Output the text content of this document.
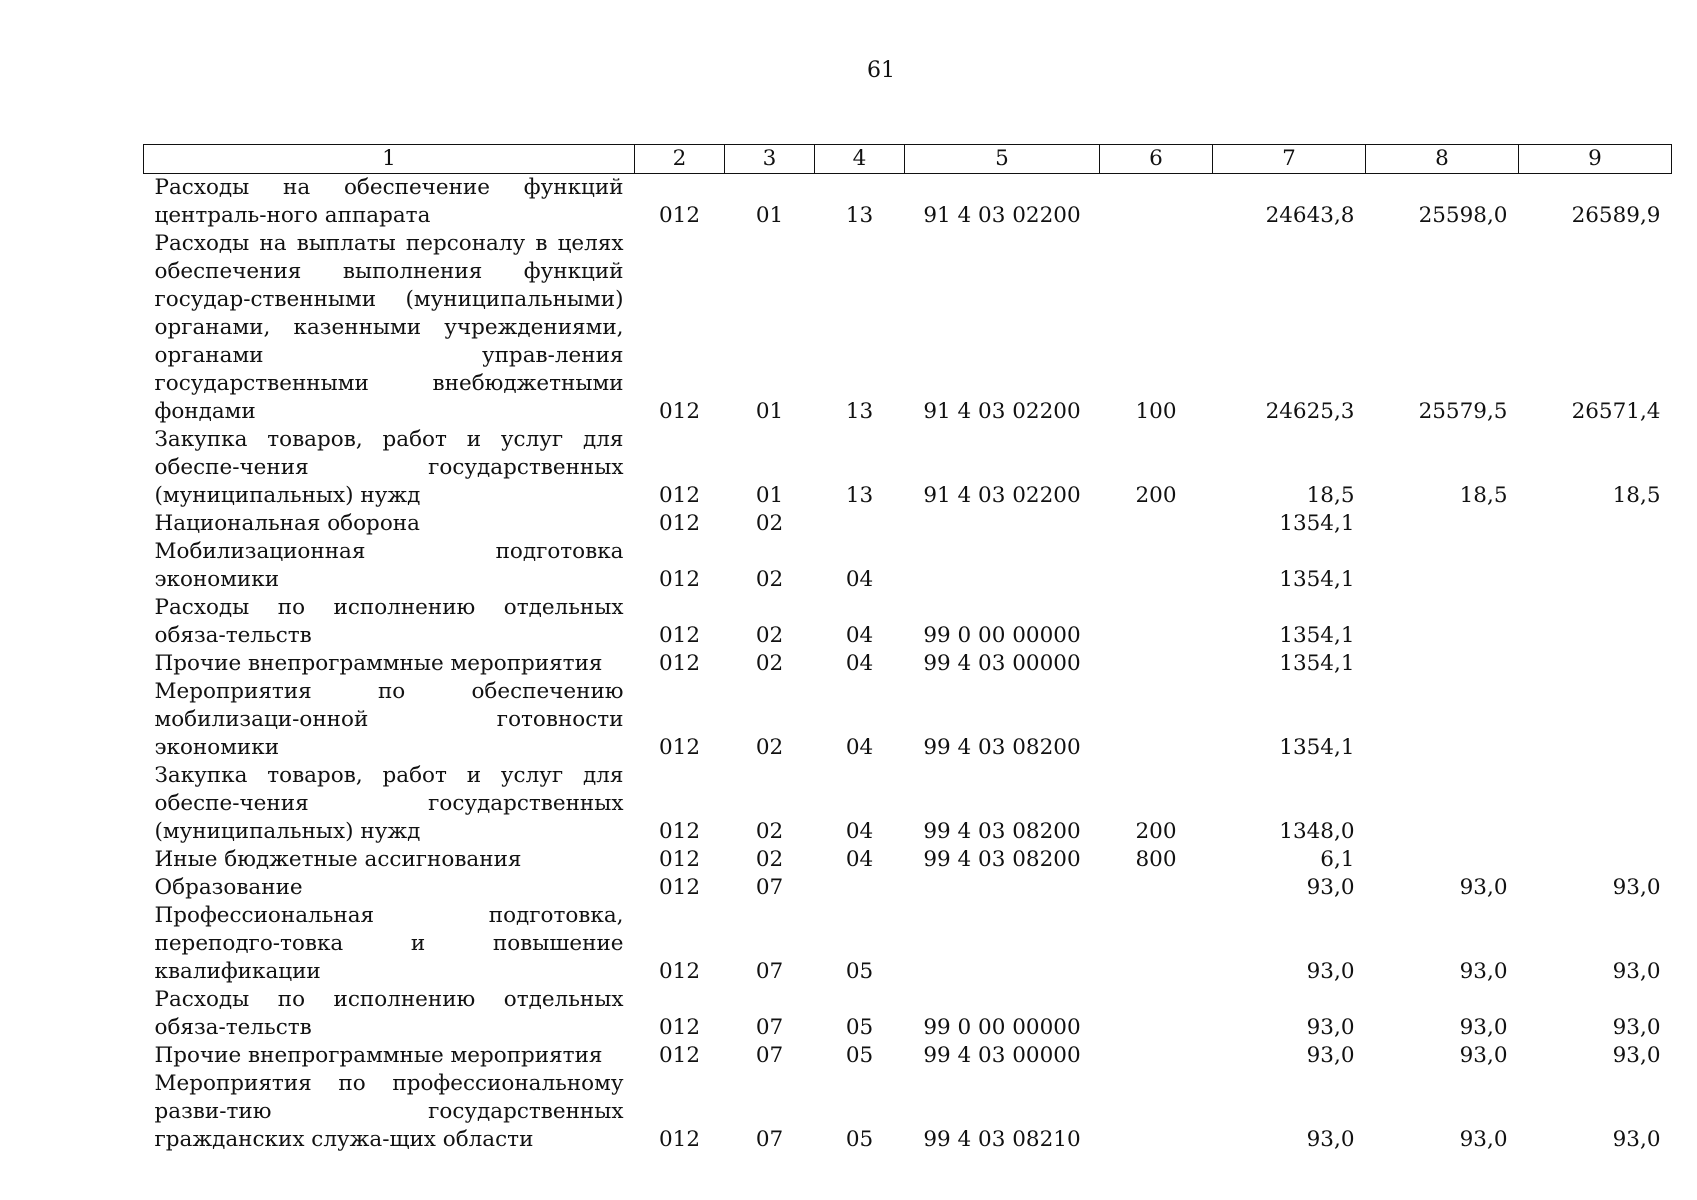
61
1	2	3	4	5	6	7	8	9
Расходы на обеспечение функций централь-ного аппарата	012	01	13	91 4 03 02200		24643,8	25598,0	26589,9
Расходы на выплаты персоналу в целях обеспечения выполнения функций государ-ственными (муниципальными) органами, казенными учреждениями, органами управ-ления государственными внебюджетными фондами	012	01	13	91 4 03 02200	100	24625,3	25579,5	26571,4
Закупка товаров, работ и услуг для обеспе-чения государственных (муниципальных) нужд	012	01	13	91 4 03 02200	200	18,5	18,5	18,5
Национальная оборона	012	02				1354,1		
Мобилизационная подготовка экономики	012	02	04			1354,1		
Расходы по исполнению отдельных обяза-тельств	012	02	04	99 0 00 00000		1354,1		
Прочие внепрограммные мероприятия	012	02	04	99 4 03 00000		1354,1		
Мероприятия по обеспечению мобилизаци-онной готовности экономики	012	02	04	99 4 03 08200		1354,1		
Закупка товаров, работ и услуг для обеспе-чения государственных (муниципальных) нужд	012	02	04	99 4 03 08200	200	1348,0		
Иные бюджетные ассигнования	012	02	04	99 4 03 08200	800	6,1		
Образование	012	07				93,0	93,0	93,0
Профессиональная подготовка, переподго-товка и повышение квалификации	012	07	05			93,0	93,0	93,0
Расходы по исполнению отдельных обяза-тельств	012	07	05	99 0 00 00000		93,0	93,0	93,0
Прочие внепрограммные мероприятия	012	07	05	99 4 03 00000		93,0	93,0	93,0
Мероприятия по профессиональному разви-тию государственных гражданских служа-щих области	012	07	05	99 4 03 08210		93,0	93,0	93,0
